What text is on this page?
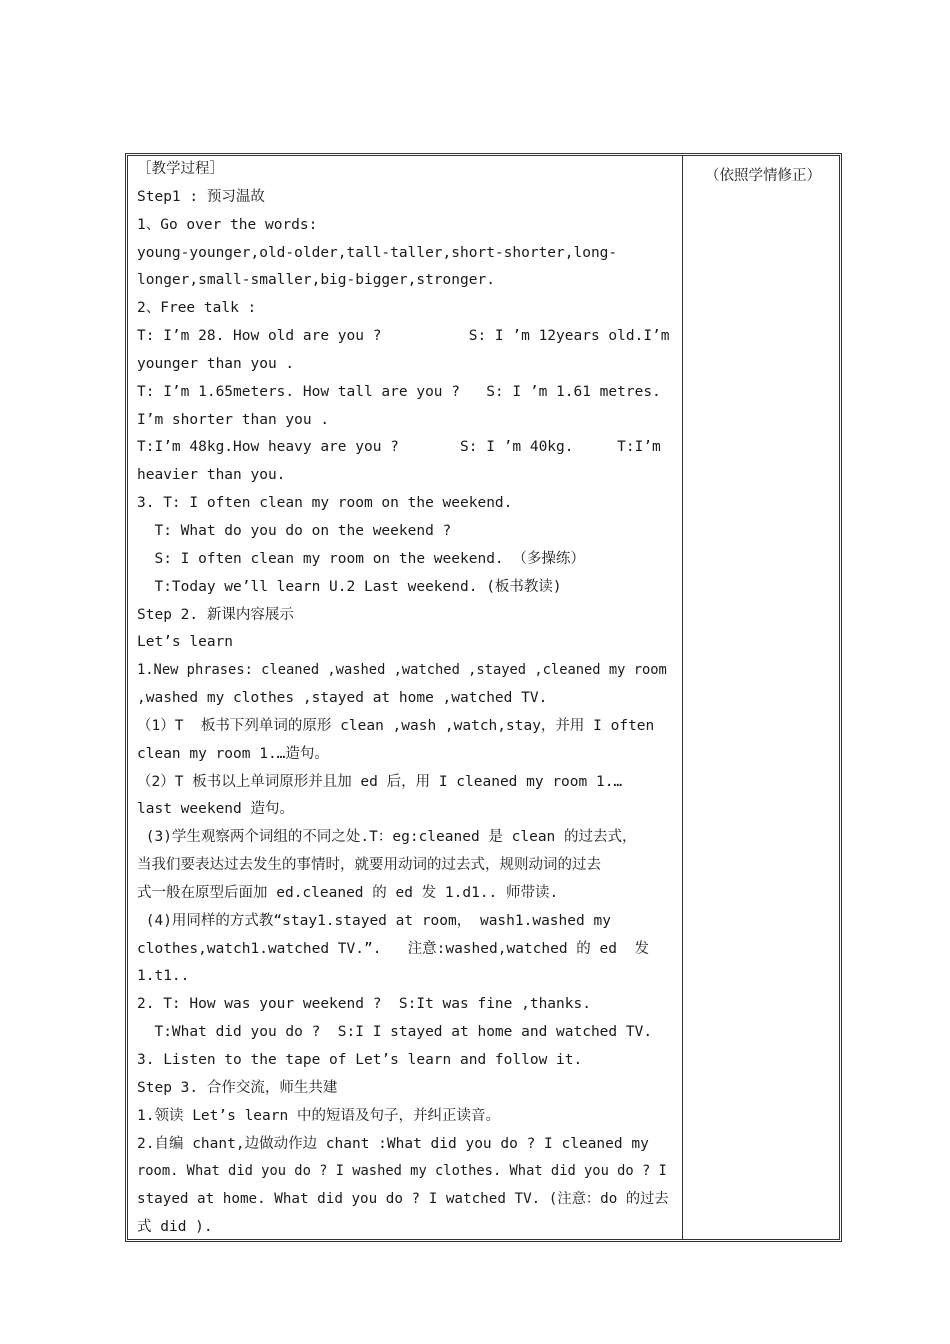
［教学过程］
Step1 : 预习温故
1、Go over the words:
young-younger,old-older,tall-taller,short-shorter,long-
longer,small-smaller,big-bigger,stronger.
2、Free talk :
T: I’m 28. How old are you ?          S: I ’m 12years old.I’m
younger than you .
T: I’m 1.65meters. How tall are you ?   S: I ’m 1.61 metres.
I’m shorter than you .
T:I’m 48kg.How heavy are you ?       S: I ’m 40kg.     T:I’m
heavier than you.
3. T: I often clean my room on the weekend.
T: What do you do on the weekend ?
S: I often clean my room on the weekend. （多操练）
T:Today we’ll learn U.2 Last weekend. (板书教读)
Step 2. 新课内容展示
Let’s learn
1.New phrases: cleaned ,washed ,watched ,stayed ,cleaned my room
,washed my clothes ,stayed at home ,watched TV.
（1）T  板书下列单词的原形 clean ,wash ,watch,stay，并用 I often
clean my room 1.…造句。
（2）T 板书以上单词原形并且加 ed 后，用 I cleaned my room 1.…
last weekend 造句。
(3)学生观察两个词组的不同之处.T：eg:cleaned 是 clean 的过去式，
当我们要表达过去发生的事情时，就要用动词的过去式，规则动词的过去
式一般在原型后面加 ed.cleaned 的 ed 发 1.d1.. 师带读.
(4)用同样的方式教“stay1.stayed at room， wash1.washed my
clothes,watch1.watched TV.”.   注意:washed,watched 的 ed  发
1.t1..
2. T: How was your weekend ?  S:It was fine ,thanks.
T:What did you do ?  S:I I stayed at home and watched TV.
3. Listen to the tape of Let’s learn and follow it.
Step 3. 合作交流，师生共建
1.领读 Let’s learn 中的短语及句子，并纠正读音。
2.自编 chant,边做动作边 chant :What did you do ? I cleaned my
room. What did you do ? I washed my clothes. What did you do ? I
stayed at home. What did you do ? I watched TV. (注意：do 的过去
式 did ).
（依照学情修正）
